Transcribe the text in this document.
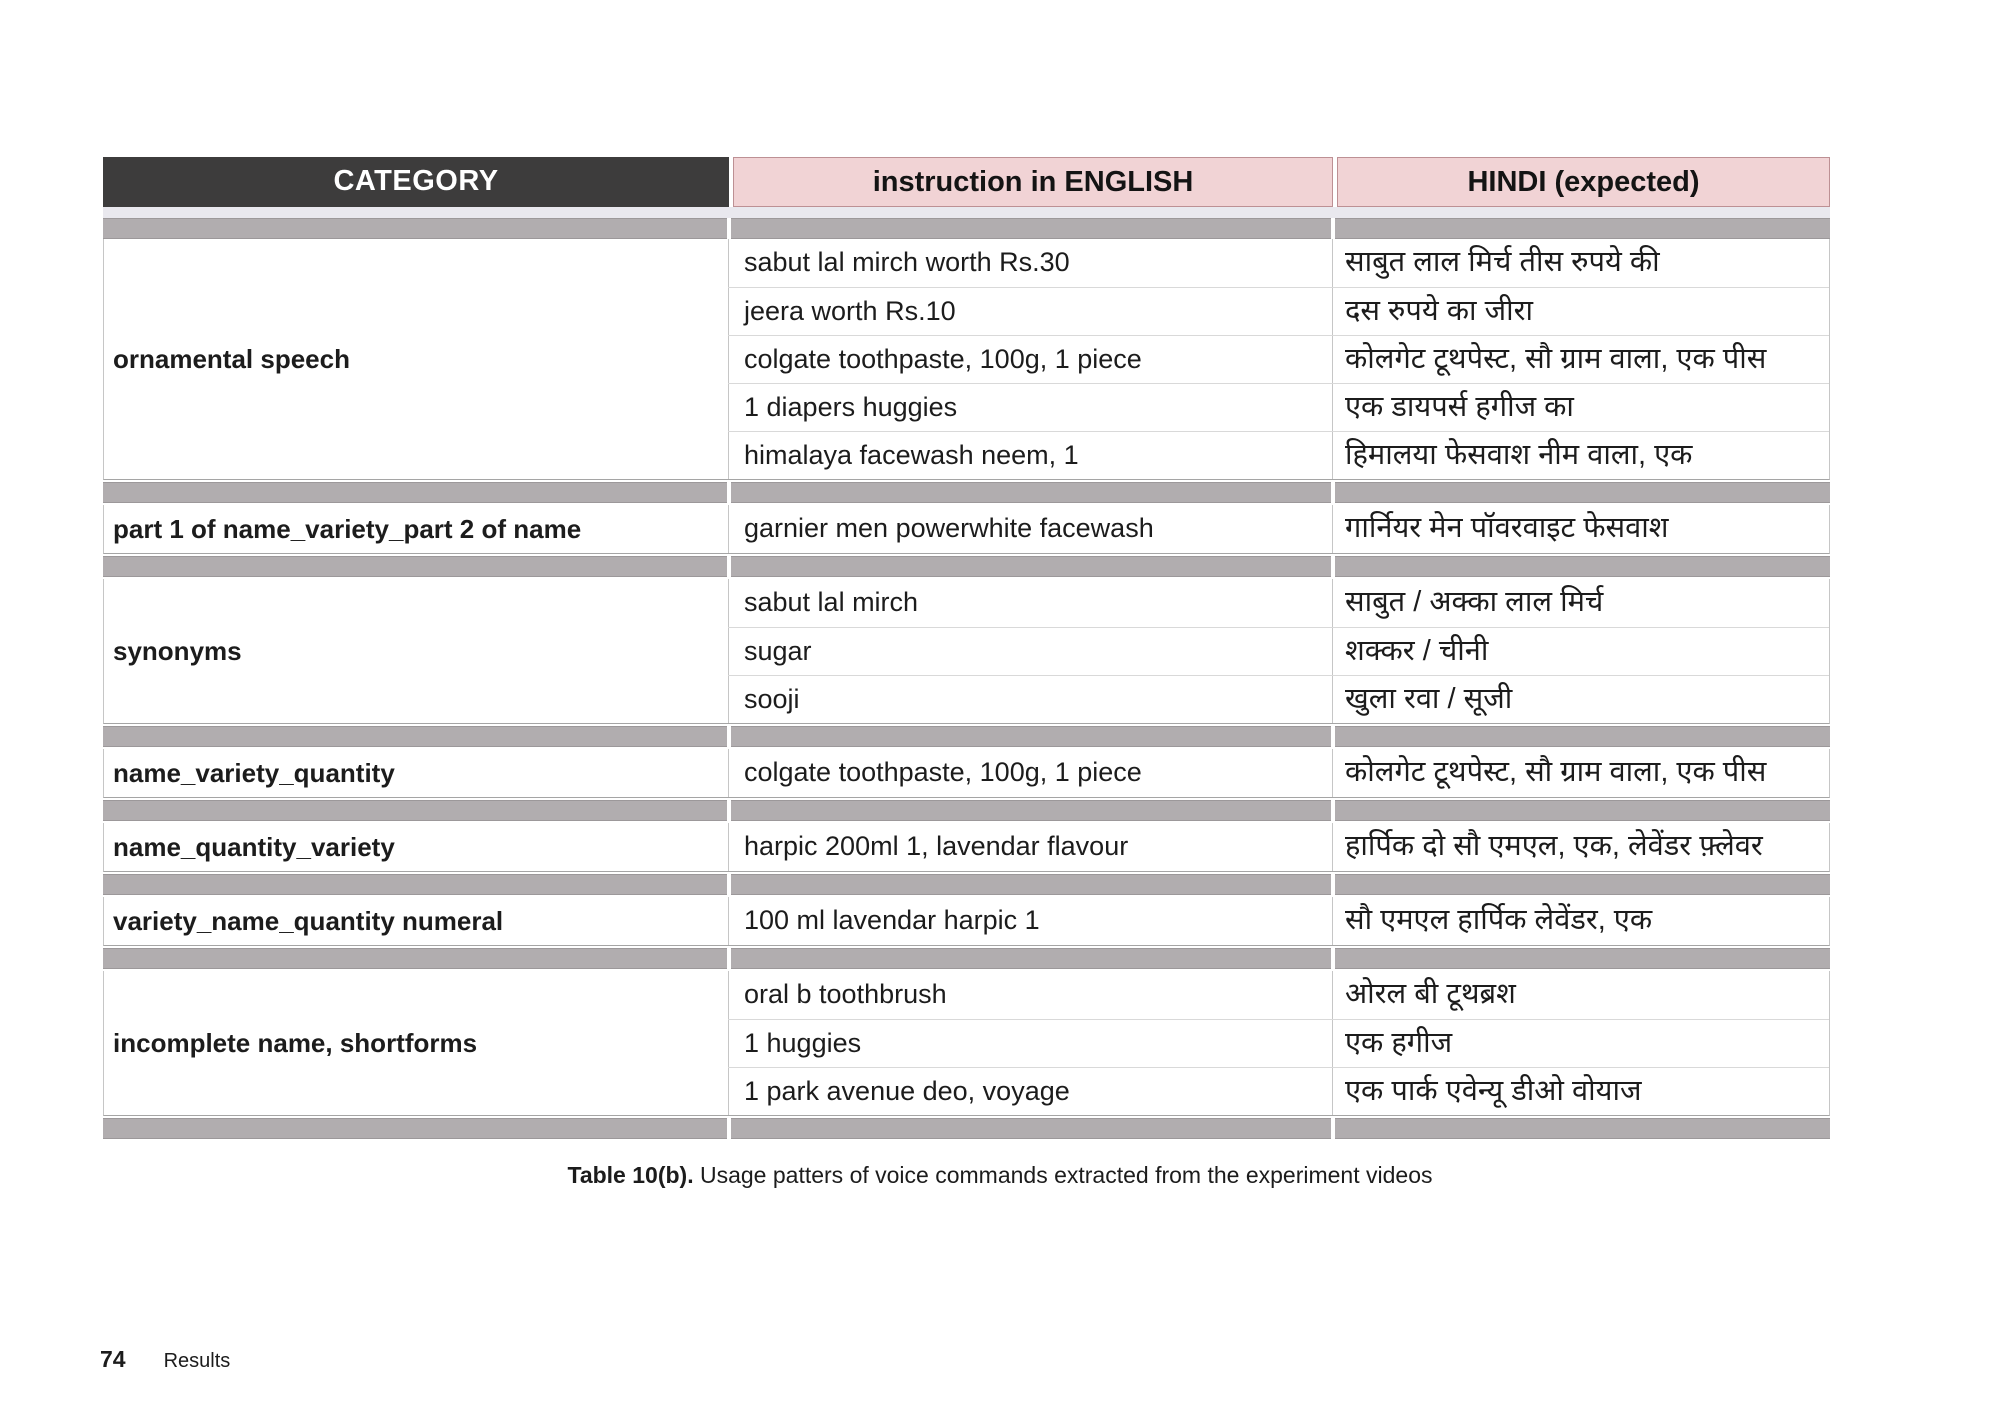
CATEGORY	instruction in ENGLISH	HINDI (expected)
ornamental speech
sabut lal mirch worth Rs.30	साबुत लाल मिर्च तीस रुपये की
jeera worth Rs.10	दस रुपये का जीरा
colgate toothpaste, 100g, 1 piece	कोलगेट टूथपेस्ट, सौ ग्राम वाला, एक पीस
1 diapers huggies	एक डायपर्स हगीज का
himalaya facewash neem, 1	हिमालया फेसवाश नीम वाला, एक
part 1 of name_variety_part 2 of name	garnier men powerwhite facewash	गार्नियर मेन पॉवरवाइट फेसवाश
synonyms
sabut lal mirch	साबुत / अक्का लाल मिर्च
sugar	शक्कर / चीनी
sooji	खुला रवा / सूजी
name_variety_quantity	colgate toothpaste, 100g, 1 piece	कोलगेट टूथपेस्ट, सौ ग्राम वाला, एक पीस
name_quantity_variety	harpic 200ml 1, lavendar flavour	हार्पिक दो सौ एमएल, एक, लेवेंडर फ़्लेवर
variety_name_quantity numeral	100 ml lavendar harpic 1	सौ एमएल हार्पिक लेवेंडर, एक
incomplete name, shortforms
oral b toothbrush	ओरल बी टूथब्रश
1 huggies	एक हगीज
1 park avenue deo, voyage	एक पार्क एवेन्यू डीओ वोयाज
Table 10(b). Usage patters of voice commands extracted from the experiment videos
74 Results
